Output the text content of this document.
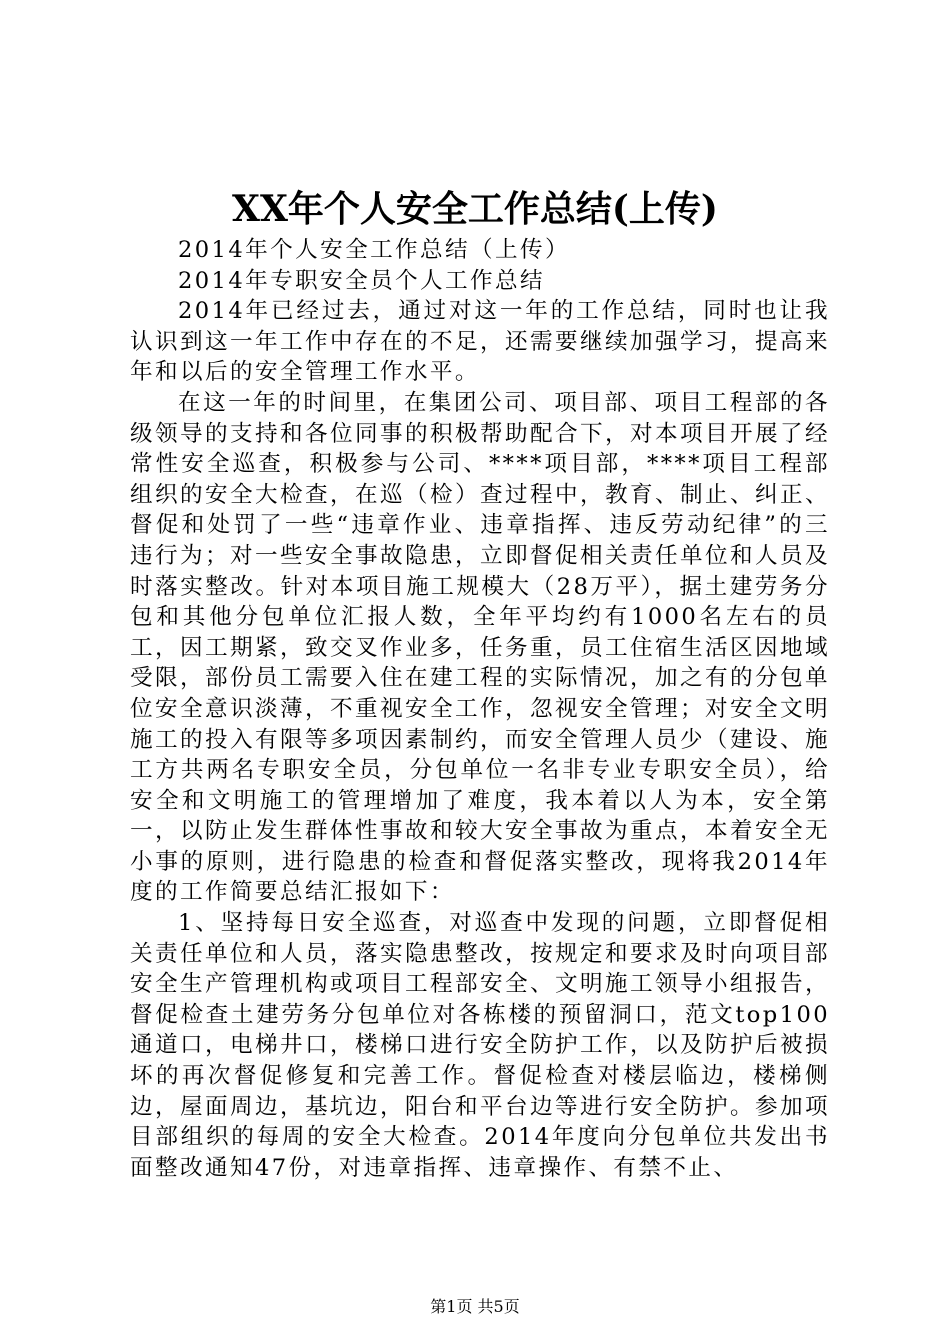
XX年个人安全工作总结(上传)

2014年个人安全工作总结（上传）

2014年专职安全员个人工作总结

2014年已经过去，通过对这一年的工作总结，同时也让我认识到这一年工作中存在的不足，还需要继续加强学习，提高来年和以后的安全管理工作水平。

在这一年的时间里，在集团公司、项目部、项目工程部的各级领导的支持和各位同事的积极帮助配合下，对本项目开展了经常性安全巡查，积极参与公司、****项目部，****项目工程部组织的安全大检查，在巡（检）查过程中，教育、制止、纠正、督促和处罚了一些“违章作业、违章指挥、违反劳动纪律”的三违行为；对一些安全事故隐患，立即督促相关责任单位和人员及时落实整改。针对本项目施工规模大（28万平），据土建劳务分包和其他分包单位汇报人数，全年平均约有1000名左右的员工，因工期紧，致交叉作业多，任务重，员工住宿生活区因地域受限，部份员工需要入住在建工程的实际情况，加之有的分包单位安全意识淡薄，不重视安全工作，忽视安全管理；对安全文明施工的投入有限等多项因素制约，而安全管理人员少（建设、施工方共两名专职安全员，分包单位一名非专业专职安全员），给安全和文明施工的管理增加了难度，我本着以人为本，安全第一，以防止发生群体性事故和较大安全事故为重点，本着安全无小事的原则，进行隐患的检查和督促落实整改，现将我2014年度的工作简要总结汇报如下：

1、坚持每日安全巡查，对巡查中发现的问题，立即督促相关责任单位和人员，落实隐患整改，按规定和要求及时向项目部安全生产管理机构或项目工程部安全、文明施工领导小组报告，督促检查土建劳务分包单位对各栋楼的预留洞口，范文top100通道口，电梯井口，楼梯口进行安全防护工作，以及防护后被损坏的再次督促修复和完善工作。督促检查对楼层临边，楼梯侧边，屋面周边，基坑边，阳台和平台边等进行安全防护。参加项目部组织的每周的安全大检查。2014年度向分包单位共发出书面整改通知47份，对违章指挥、违章操作、有禁不止、

第1页 共5页
